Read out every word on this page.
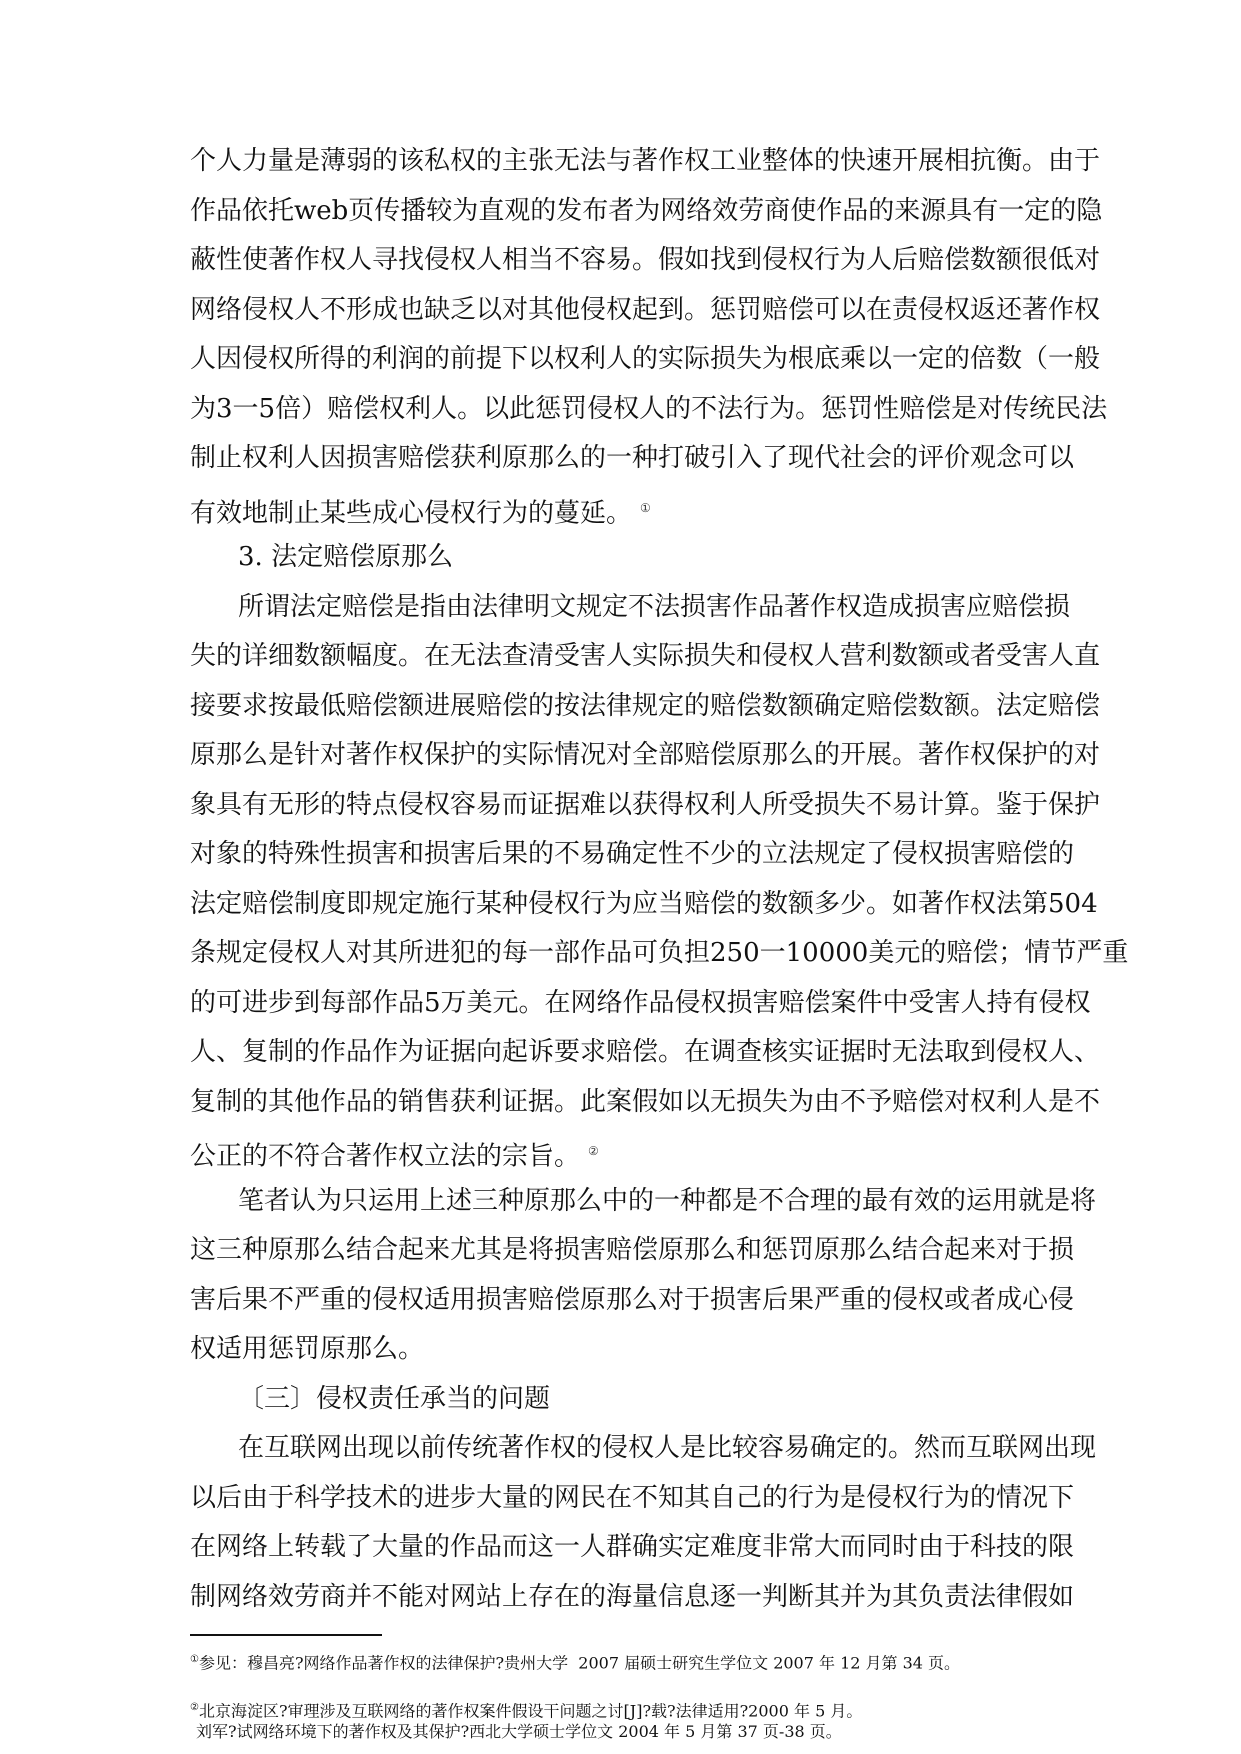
个人力量是薄弱的该私权的主张无法与著作权工业整体的快速开展相抗衡。由于
作品依托web页传播较为直观的发布者为网络效劳商使作品的来源具有一定的隐
蔽性使著作权人寻找侵权人相当不容易。假如找到侵权行为人后赔偿数额很低对
网络侵权人不形成也缺乏以对其他侵权起到。惩罚赔偿可以在责侵权返还著作权
人因侵权所得的利润的前提下以权利人的实际损失为根底乘以一定的倍数（一般
为3一5倍）赔偿权利人。以此惩罚侵权人的不法行为。惩罚性赔偿是对传统民法
制止权利人因损害赔偿获利原那么的一种打破引入了现代社会的评价观念可以
有效地制止某些成心侵权行为的蔓延。 ①
3. 法定赔偿原那么
所谓法定赔偿是指由法律明文规定不法损害作品著作权造成损害应赔偿损
失的详细数额幅度。在无法查清受害人实际损失和侵权人营利数额或者受害人直
接要求按最低赔偿额进展赔偿的按法律规定的赔偿数额确定赔偿数额。法定赔偿
原那么是针对著作权保护的实际情况对全部赔偿原那么的开展。著作权保护的对
象具有无形的特点侵权容易而证据难以获得权利人所受损失不易计算。鉴于保护
对象的特殊性损害和损害后果的不易确定性不少的立法规定了侵权损害赔偿的
法定赔偿制度即规定施行某种侵权行为应当赔偿的数额多少。如著作权法第504
条规定侵权人对其所进犯的每一部作品可负担250一10000美元的赔偿；情节严重
的可进步到每部作品5万美元。在网络作品侵权损害赔偿案件中受害人持有侵权
人、复制的作品作为证据向起诉要求赔偿。在调查核实证据时无法取到侵权人、
复制的其他作品的销售获利证据。此案假如以无损失为由不予赔偿对权利人是不
公正的不符合著作权立法的宗旨。 ②
笔者认为只运用上述三种原那么中的一种都是不合理的最有效的运用就是将
这三种原那么结合起来尤其是将损害赔偿原那么和惩罚原那么结合起来对于损
害后果不严重的侵权适用损害赔偿原那么对于损害后果严重的侵权或者成心侵
权适用惩罚原那么。
〔三〕侵权责任承当的问题
在互联网出现以前传统著作权的侵权人是比较容易确定的。然而互联网出现
以后由于科学技术的进步大量的网民在不知其自己的行为是侵权行为的情况下
在网络上转载了大量的作品而这一人群确实定难度非常大而同时由于科技的限
制网络效劳商并不能对网站上存在的海量信息逐一判断其并为其负责法律假如
①参见：穆昌亮?网络作品著作权的法律保护?贵州大学  2007 届硕士研究生学位文 2007 年 12 月第 34 页。
②北京海淀区?审理涉及互联网络的著作权案件假设干问题之讨[J]?载?法律适用?2000 年 5 月。
刘军?试网络环境下的著作权及其保护?西北大学硕士学位文 2004 年 5 月第 37 页-38 页。
